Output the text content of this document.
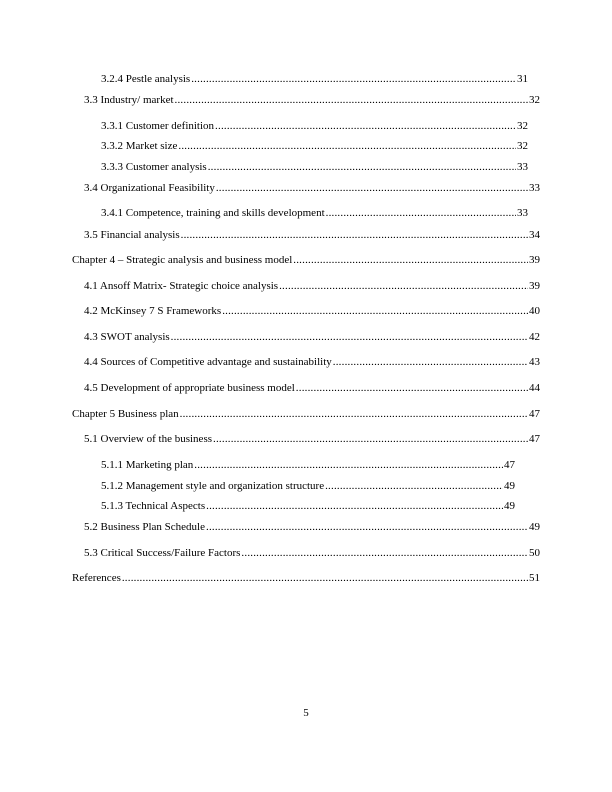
3.2.4 Pestle analysis .....	31
3.3 Industry/ market .....	32
3.3.1 Customer definition .....	32
3.3.2 Market size .....	32
3.3.3 Customer analysis .....	33
3.4 Organizational Feasibility .....	33
3.4.1 Competence, training and skills development .....	33
3.5 Financial analysis .....	34
Chapter 4 – Strategic analysis and business model .....	39
4.1 Ansoff Matrix- Strategic choice analysis .....	39
4.2 McKinsey 7 S Frameworks .....	40
4.3 SWOT analysis .....	42
4.4 Sources of Competitive advantage and sustainability .....	43
4.5 Development of appropriate business model .....	44
Chapter 5 Business plan .....	47
5.1 Overview of the business .....	47
5.1.1 Marketing plan .....	47
5.1.2 Management style and organization structure .....	49
5.1.3 Technical Aspects .....	49
5.2 Business Plan Schedule .....	49
5.3 Critical Success/Failure Factors .....	50
References .....	51
5
